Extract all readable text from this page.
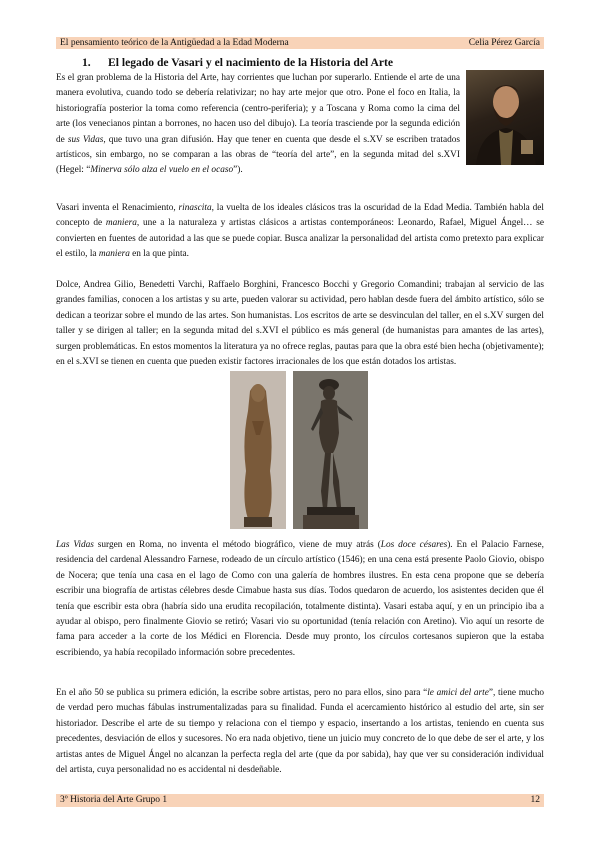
El pensamiento teórico de la Antigüedad a la Edad Moderna	Celia Pérez García
1. El legado de Vasari y el nacimiento de la Historia del Arte

Es el gran problema de la Historia del Arte, hay corrientes que luchan por superarlo. Entiende el arte de una manera evolutiva, cuando todo se debería relativizar; no hay arte mejor que otro. Pone el foco en Italia, la historiografía posterior la toma como referencia (centro-periferia); y a Toscana y Roma como la cima del arte (los venecianos pintan a borrones, no hacen uso del dibujo). La teoría trasciende por la segunda edición de sus Vidas, que tuvo una gran difusión. Hay que tener en cuenta que desde el s.XV se escriben tratados artísticos, sin embargo, no se comparan a las obras de “teoría del arte”, en la segunda mitad del s.XVI (Hegel: “Minerva sólo alza el vuelo en el ocaso”).

Vasari inventa el Renacimiento, rinascita, la vuelta de los ideales clásicos tras la oscuridad de la Edad Media. También habla del concepto de maniera, une a la naturaleza y artistas clásicos a artistas contemporáneos: Leonardo, Rafael, Miguel Ángel… se convierten en fuentes de autoridad a las que se puede copiar. Busca analizar la personalidad del artista como pretexto para explicar el estilo, la maniera en la que pinta.

Dolce, Andrea Gilio, Benedetti Varchi, Raffaelo Borghini, Francesco Bocchi y Gregorio Comandini; trabajan al servicio de las grandes familias, conocen a los artistas y su arte, pueden valorar su actividad, pero hablan desde fuera del ámbito artístico, sólo se dedican a teorizar sobre el mundo de las artes. Son humanistas. Los escritos de arte se desvinculan del taller, en el s.XV surgen del taller y se dirigen al taller; en la segunda mitad del s.XVI el público es más general (de humanistas para amantes de las artes), surgen problemáticas. En estos momentos la literatura ya no ofrece reglas, pautas para que la obra esté bien hecha (objetivamente); en el s.XVI se tienen en cuenta que pueden existir factores irracionales de los que están dotados los artistas.

Las Vidas surgen en Roma, no inventa el método biográfico, viene de muy atrás (Los doce césares). En el Palacio Farnese, residencia del cardenal Alessandro Farnese, rodeado de un círculo artístico (1546); en una cena está presente Paolo Giovio, obispo de Nocera; que tenía una casa en el lago de Como con una galería de hombres ilustres. En esta cena propone que se debería escribir una biografía de artistas célebres desde Cimabue hasta sus días. Todos quedaron de acuerdo, los asistentes deciden que él tenía que escribir esta obra (habría sido una erudita recopilación, totalmente distinta). Vasari estaba aquí, y en un principio iba a ayudar al obispo, pero finalmente Giovio se retiró; Vasari vio su oportunidad (tenía relación con Aretino). Vio aquí un resorte de fama para acceder a la corte de los Médici en Florencia. Desde muy pronto, los círculos cortesanos supieron que la estaba escribiendo, ya había recopilado información sobre precedentes.

En el año 50 se publica su primera edición, la escribe sobre artistas, pero no para ellos, sino para “le amici del arte”, tiene mucho de verdad pero muchas fábulas instrumentalizadas para su finalidad. Funda el acercamiento histórico al estudio del arte, sin ser historiador. Describe el arte de su tiempo y relaciona con el tiempo y espacio, insertando a los artistas, teniendo en cuenta sus precedentes, desviación de ellos y sucesores. No era nada objetivo, tiene un juicio muy concreto de lo que debe de ser el arte, y los artistas antes de Miguel Ángel no alcanzan la perfecta regla del arte (que da por sabida), hay que ver su consideración individual del artista, cuya personalidad no es accidental ni desdeñable.

3º Historia del Arte Grupo 1	12
